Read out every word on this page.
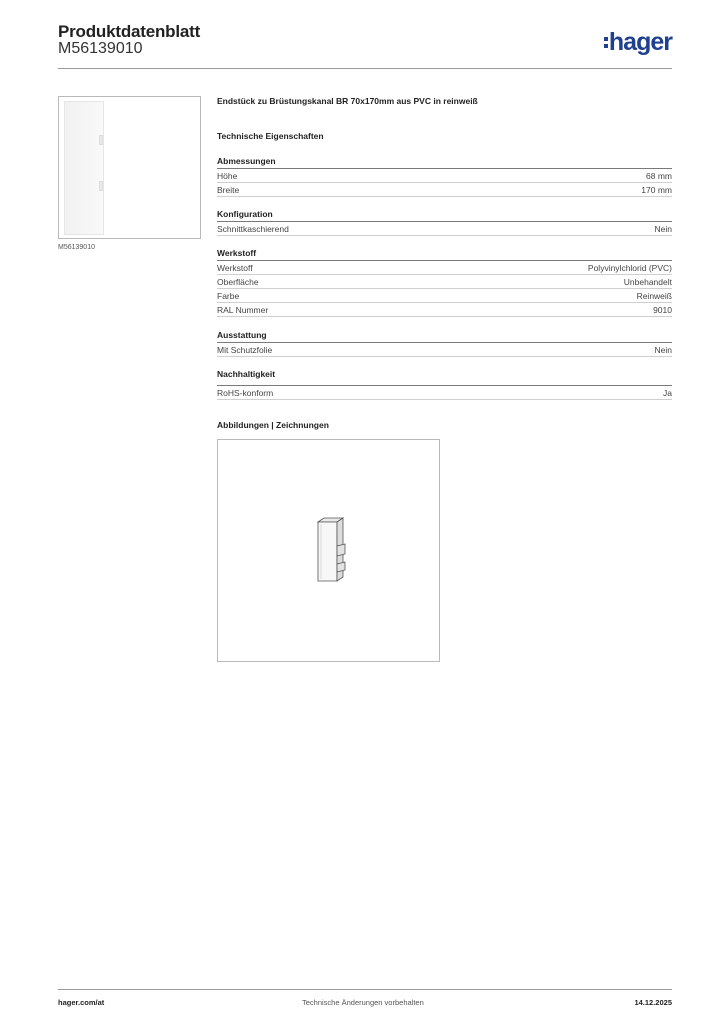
Produktdatenblatt
M56139010	hager
M56139010
Endstück zu Brüstungskanal BR 70x170mm aus PVC in reinweiß
Technische Eigenschaften
Abmessungen
Höhe	68 mm
Breite	170 mm
Konfiguration
Schnittkaschierend	Nein
Werkstoff
Werkstoff	Polyvinylchlorid (PVC)
Oberfläche	Unbehandelt
Farbe	Reinweiß
RAL Nummer	9010
Ausstattung
Mit Schutzfolie	Nein
Nachhaltigkeit
RoHS-konform	Ja
Abbildungen | Zeichnungen
hager.com/at	Technische Änderungen vorbehalten	14.12.2025
